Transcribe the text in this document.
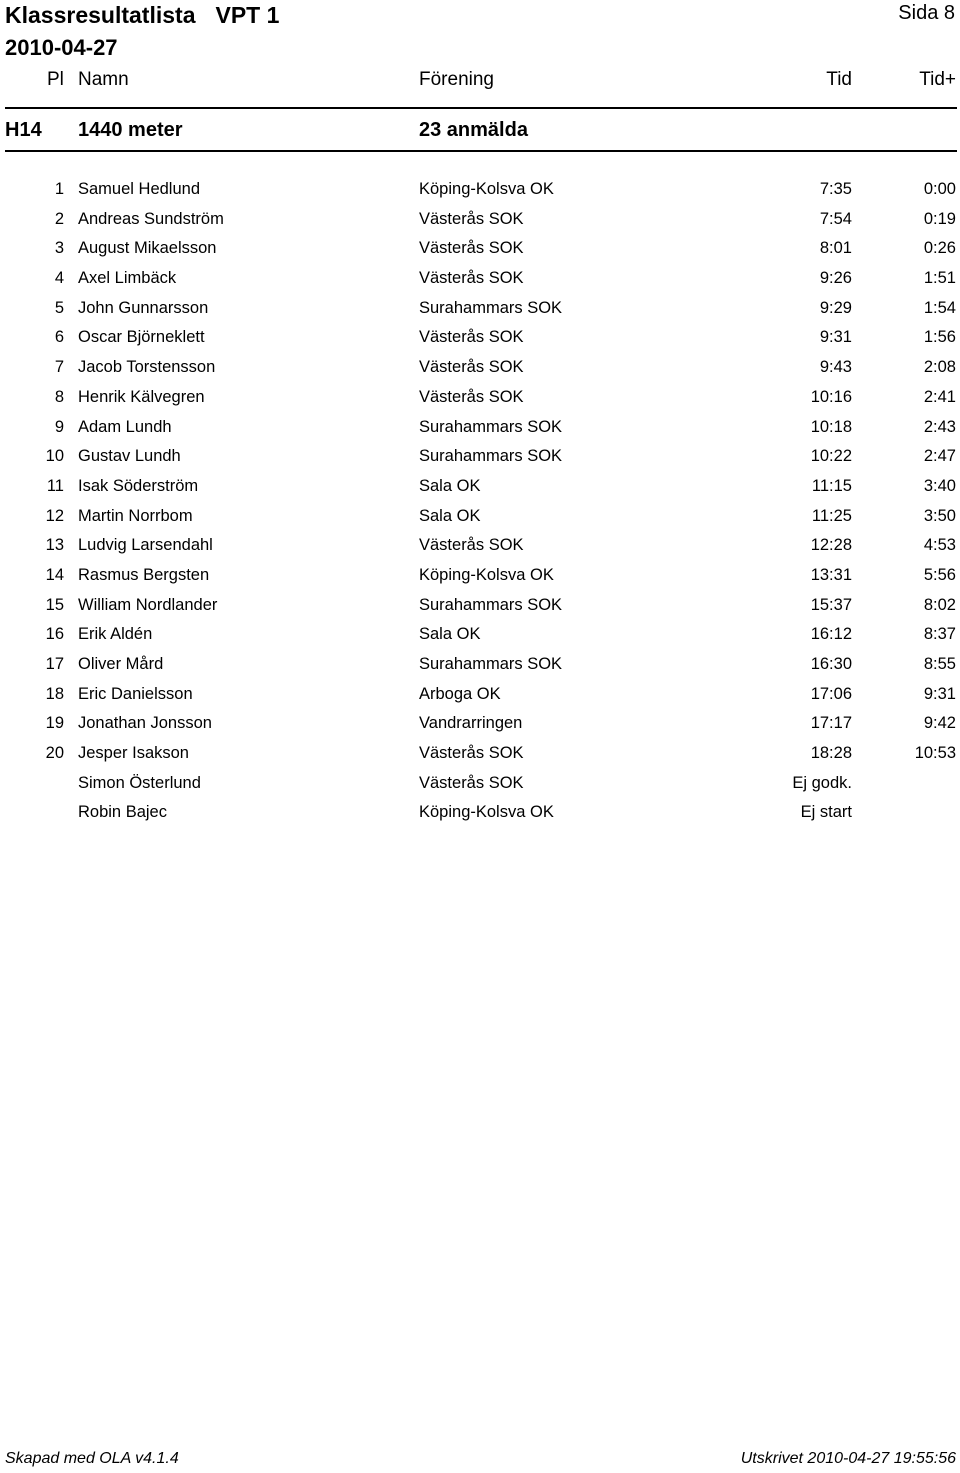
Klassresultatlista VPT 1
2010-04-27
Sida 8
Pl Namn	Förening	Tid	Tid+
H14 1440 meter	23 anmälda
1 Samuel Hedlund	Köping-Kolsva OK	7:35	0:00
2 Andreas Sundström	Västerås SOK	7:54	0:19
3 August Mikaelsson	Västerås SOK	8:01	0:26
4 Axel Limbäck	Västerås SOK	9:26	1:51
5 John Gunnarsson	Surahammars SOK	9:29	1:54
6 Oscar Björneklett	Västerås SOK	9:31	1:56
7 Jacob Torstensson	Västerås SOK	9:43	2:08
8 Henrik Kälvegren	Västerås SOK	10:16	2:41
9 Adam Lundh	Surahammars SOK	10:18	2:43
10 Gustav Lundh	Surahammars SOK	10:22	2:47
11 Isak Söderström	Sala OK	11:15	3:40
12 Martin Norrbom	Sala OK	11:25	3:50
13 Ludvig Larsendahl	Västerås SOK	12:28	4:53
14 Rasmus Bergsten	Köping-Kolsva OK	13:31	5:56
15 William Nordlander	Surahammars SOK	15:37	8:02
16 Erik Aldén	Sala OK	16:12	8:37
17 Oliver Mård	Surahammars SOK	16:30	8:55
18 Eric Danielsson	Arboga OK	17:06	9:31
19 Jonathan Jonsson	Vandrarringen	17:17	9:42
20 Jesper Isakson	Västerås SOK	18:28	10:53
Simon Österlund	Västerås SOK	Ej godk.
Robin Bajec	Köping-Kolsva OK	Ej start
Skapad med OLA v4.1.4	Utskrivet 2010-04-27 19:55:56
